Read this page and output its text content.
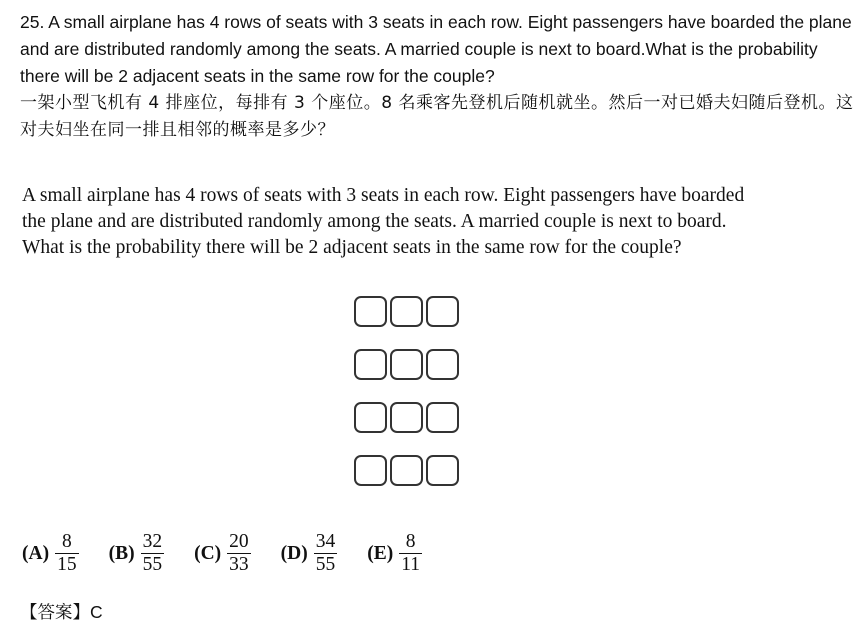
25. A small airplane has 4 rows of seats with 3 seats in each row. Eight passengers have boarded the plane and are distributed randomly among the seats. A married couple is next to board.What is the probability there will be 2 adjacent seats in the same row for the couple?

一架小型飞机有 4 排座位，每排有 3 个座位。8 名乘客先登机后随机就坐。然后一对已婚夫妇随后登机。这对夫妇坐在同一排且相邻的概率是多少？

A small airplane has 4 rows of seats with 3 seats in each row. Eight passengers have boarded

the plane and are distributed randomly among the seats. A married couple is next to board.

What is the probability there will be 2 adjacent seats in the same row for the couple?

$(A) \frac{8}{15} (B) \frac{32}{55} (C) \frac{20}{33} (D) \frac{34}{55} (E) \frac{8}{11}$
【答案】C
